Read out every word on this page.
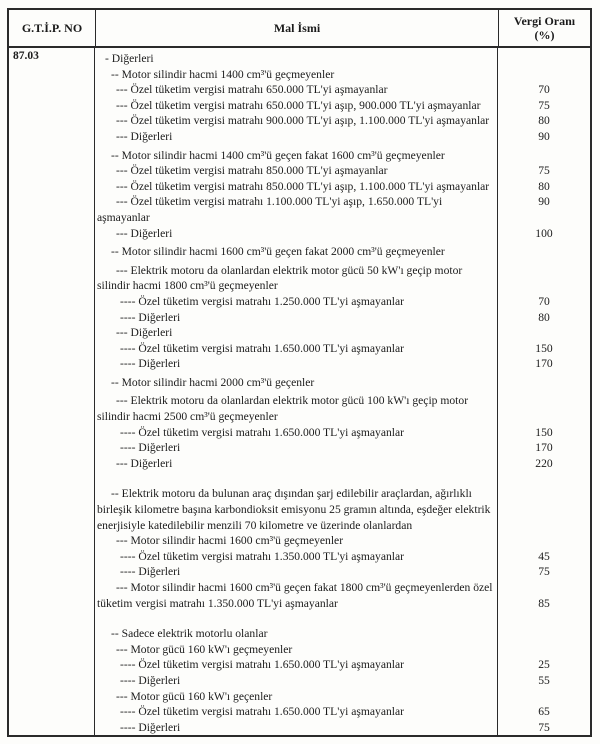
G.T.İ.P. NO	Mal İsmi	Vergi Oranı
(%)
87.03	- Diğerleri
-- Motor silindir hacmi 1400 cm³'ü geçmeyenler
--- Özel tüketim vergisi matrahı 650.000 TL'yi aşmayanlar	70
--- Özel tüketim vergisi matrahı 650.000 TL'yi aşıp, 900.000 TL'yi aşmayanlar	75
--- Özel tüketim vergisi matrahı 900.000 TL'yi aşıp, 1.100.000 TL'yi aşmayanlar	80
--- Diğerleri	90
-- Motor silindir hacmi 1400 cm³'ü geçen fakat 1600 cm³'ü geçmeyenler
--- Özel tüketim vergisi matrahı 850.000 TL'yi aşmayanlar	75
--- Özel tüketim vergisi matrahı 850.000 TL'yi aşıp, 1.100.000 TL'yi aşmayanlar	80
--- Özel tüketim vergisi matrahı 1.100.000 TL'yi aşıp, 1.650.000 TL'yi aşmayanlar
90
--- Diğerleri	100
-- Motor silindir hacmi 1600 cm³'ü geçen fakat 2000 cm³'ü geçmeyenler
--- Elektrik motoru da olanlardan elektrik motor gücü 50 kW'ı geçip motor silindir hacmi 1800 cm³'ü geçmeyenler
---- Özel tüketim vergisi matrahı 1.250.000 TL'yi aşmayanlar	70
---- Diğerleri	80
--- Diğerleri
---- Özel tüketim vergisi matrahı 1.650.000 TL'yi aşmayanlar	150
---- Diğerleri	170
-- Motor silindir hacmi 2000 cm³'ü geçenler
--- Elektrik motoru da olanlardan elektrik motor gücü 100 kW'ı geçip motor silindir hacmi 2500 cm³'ü geçmeyenler
---- Özel tüketim vergisi matrahı 1.650.000 TL'yi aşmayanlar	150
---- Diğerleri	170
--- Diğerleri	220
-- Elektrik motoru da bulunan araç dışından şarj edilebilir araçlardan, ağırlıklı birleşik kilometre başına karbondioksit emisyonu 25 gramın altında, eşdeğer elektrik enerjisiyle katedilebilir menzili 70 kilometre ve üzerinde olanlardan
--- Motor silindir hacmi 1600 cm³'ü geçmeyenler
---- Özel tüketim vergisi matrahı 1.350.000 TL'yi aşmayanlar	45
---- Diğerleri	75
--- Motor silindir hacmi 1600 cm³'ü geçen fakat 1800 cm³'ü geçmeyenlerden özel tüketim vergisi matrahı 1.350.000 TL'yi aşmayanlar	85
-- Sadece elektrik motorlu olanlar
--- Motor gücü 160 kW'ı geçmeyenler
---- Özel tüketim vergisi matrahı 1.650.000 TL'yi aşmayanlar	25
---- Diğerleri	55
--- Motor gücü 160 kW'ı geçenler
---- Özel tüketim vergisi matrahı 1.650.000 TL'yi aşmayanlar	65
---- Diğerleri	75
